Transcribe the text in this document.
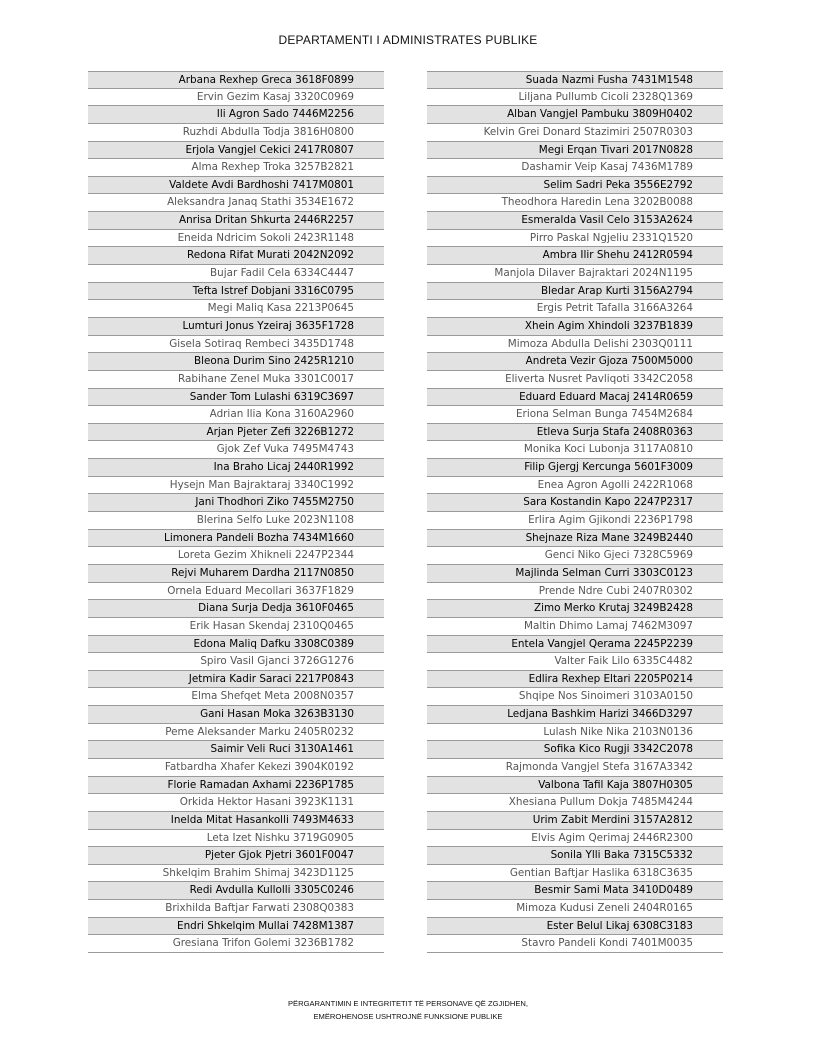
DEPARTAMENTI I ADMINISTRATES PUBLIKE
Arbana Rexhep Greca 3618F0899
Ervin Gezim Kasaj 3320C0969
Ili Agron Sado 7446M2256
Ruzhdi Abdulla Todja 3816H0800
Erjola Vangjel Cekici 2417R0807
Alma Rexhep Troka 3257B2821
Valdete Avdi Bardhoshi 7417M0801
Aleksandra Janaq Stathi 3534E1672
Anrisa Dritan Shkurta 2446R2257
Eneida Ndricim Sokoli 2423R1148
Redona Rifat Murati 2042N2092
Bujar Fadil Cela 6334C4447
Tefta Istref Dobjani 3316C0795
Megi Maliq Kasa 2213P0645
Lumturi Jonus Yzeiraj 3635F1728
Gisela Sotiraq Rembeci 3435D1748
Bleona Durim Sino 2425R1210
Rabihane Zenel Muka 3301C0017
Sander Tom Lulashi 6319C3697
Adrian Ilia Kona 3160A2960
Arjan Pjeter Zefi 3226B1272
Gjok Zef Vuka 7495M4743
Ina Braho Licaj 2440R1992
Hysejn Man Bajraktaraj 3340C1992
Jani Thodhori Ziko 7455M2750
Blerina Selfo Luke 2023N1108
Limonera Pandeli Bozha 7434M1660
Loreta Gezim Xhikneli 2247P2344
Rejvi Muharem Dardha 2117N0850
Ornela Eduard Mecollari 3637F1829
Diana Surja Dedja 3610F0465
Erik Hasan Skendaj 2310Q0465
Edona Maliq Dafku 3308C0389
Spiro Vasil Gjanci 3726G1276
Jetmira Kadir Saraci 2217P0843
Elma Shefqet Meta 2008N0357
Gani Hasan Moka 3263B3130
Peme Aleksander Marku 2405R0232
Saimir Veli Ruci 3130A1461
Fatbardha Xhafer Kekezi 3904K0192
Florie Ramadan Axhami 2236P1785
Orkida Hektor Hasani 3923K1131
Inelda Mitat Hasankolli 7493M4633
Leta Izet Nishku 3719G0905
Pjeter Gjok Pjetri 3601F0047
Shkelqim Brahim Shimaj 3423D1125
Redi Avdulla Kullolli 3305C0246
Brixhilda Baftjar Farwati 2308Q0383
Endri Shkelqim Mullai 7428M1387
Gresiana Trifon Golemi 3236B1782
Suada Nazmi Fusha 7431M1548
Liljana Pullumb Cicoli 2328Q1369
Alban Vangjel Pambuku 3809H0402
Kelvin Grei Donard Stazimiri 2507R0303
Megi Erqan Tivari 2017N0828
Dashamir Veip Kasaj 7436M1789
Selim Sadri Peka 3556E2792
Theodhora Haredin Lena 3202B0088
Esmeralda Vasil Celo 3153A2624
Pirro Paskal Ngjeliu 2331Q1520
Ambra Ilir Shehu 2412R0594
Manjola Dilaver Bajraktari 2024N1195
Bledar Arap Kurti 3156A2794
Ergis Petrit Tafalla 3166A3264
Xhein Agim Xhindoli 3237B1839
Mimoza Abdulla Delishi 2303Q0111
Andreta Vezir Gjoza 7500M5000
Eliverta Nusret Pavliqoti 3342C2058
Eduard Eduard Macaj 2414R0659
Eriona Selman Bunga 7454M2684
Etleva Surja Stafa 2408R0363
Monika Koci Lubonja 3117A0810
Filip Gjergj Kercunga 5601F3009
Enea Agron Agolli 2422R1068
Sara Kostandin Kapo 2247P2317
Erlira Agim Gjikondi 2236P1798
Shejnaze Riza Mane 3249B2440
Genci Niko Gjeci 7328C5969
Majlinda Selman Curri 3303C0123
Prende Ndre Cubi 2407R0302
Zimo Merko Krutaj 3249B2428
Maltin Dhimo Lamaj 7462M3097
Entela Vangjel Qerama 2245P2239
Valter Faik Lilo 6335C4482
Edlira Rexhep Eltari 2205P0214
Shqipe Nos Sinoimeri 3103A0150
Ledjana Bashkim Harizi 3466D3297
Lulash Nike Nika 2103N0136
Sofika Kico Rugji 3342C2078
Rajmonda Vangjel Stefa 3167A3342
Valbona Tafil Kaja 3807H0305
Xhesiana Pullum Dokja 7485M4244
Urim Zabit Merdini 3157A2812
Elvis Agim Qerimaj 2446R2300
Sonila Ylli Baka 7315C5332
Gentian Baftjar Haslika 6318C3635
Besmir Sami Mata 3410D0489
Mimoza Kudusi Zeneli 2404R0165
Ester Belul Likaj 6308C3183
Stavro Pandeli Kondi 7401M0035
PËRGARANTIMIN E INTEGRITETIT TË PERSONAVE QË ZGJIDHEN,
EMËROHENOSE USHTROJNË FUNKSIONE PUBLIKE
